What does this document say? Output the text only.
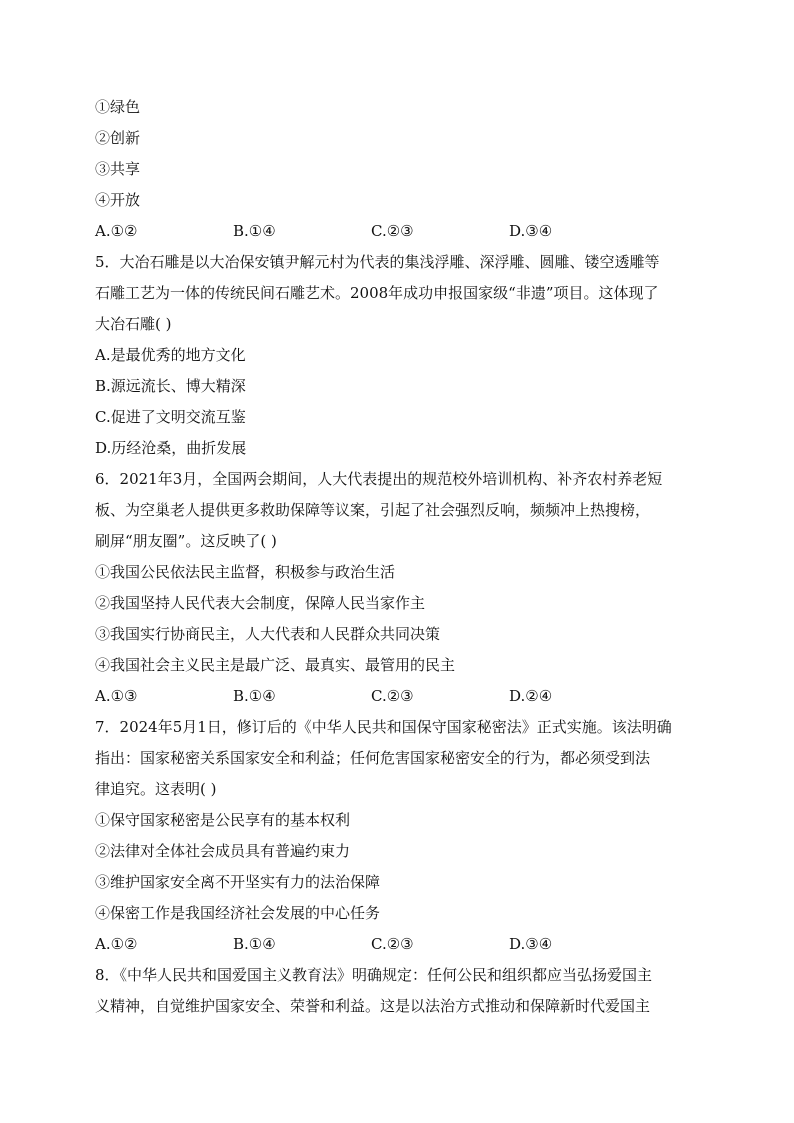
①绿色
②创新
③共享
④开放
A.①②	B.①④	C.②③	D.③④
5．大冶石雕是以大冶保安镇尹解元村为代表的集浅浮雕、深浮雕、圆雕、镂空透雕等
石雕工艺为一体的传统民间石雕艺术。2008年成功申报国家级“非遗”项目。这体现了
大冶石雕( )
A.是最优秀的地方文化
B.源远流长、博大精深
C.促进了文明交流互鉴
D.历经沧桑，曲折发展
6．2021年3月，全国两会期间，人大代表提出的规范校外培训机构、补齐农村养老短
板、为空巢老人提供更多救助保障等议案，引起了社会强烈反响，频频冲上热搜榜，
刷屏“朋友圈”。这反映了( )
①我国公民依法民主监督，积极参与政治生活
②我国坚持人民代表大会制度，保障人民当家作主
③我国实行协商民主，人大代表和人民群众共同决策
④我国社会主义民主是最广泛、最真实、最管用的民主
A.①③	B.①④	C.②③	D.②④
7．2024年5月1日，修订后的《中华人民共和国保守国家秘密法》正式实施。该法明确
指出：国家秘密关系国家安全和利益；任何危害国家秘密安全的行为，都必须受到法
律追究。这表明( )
①保守国家秘密是公民享有的基本权利
②法律对全体社会成员具有普遍约束力
③维护国家安全离不开坚实有力的法治保障
④保密工作是我国经济社会发展的中心任务
A.①②	B.①④	C.②③	D.③④
8．《中华人民共和国爱国主义教育法》明确规定：任何公民和组织都应当弘扬爱国主
义精神，自觉维护国家安全、荣誉和利益。这是以法治方式推动和保障新时代爱国主
